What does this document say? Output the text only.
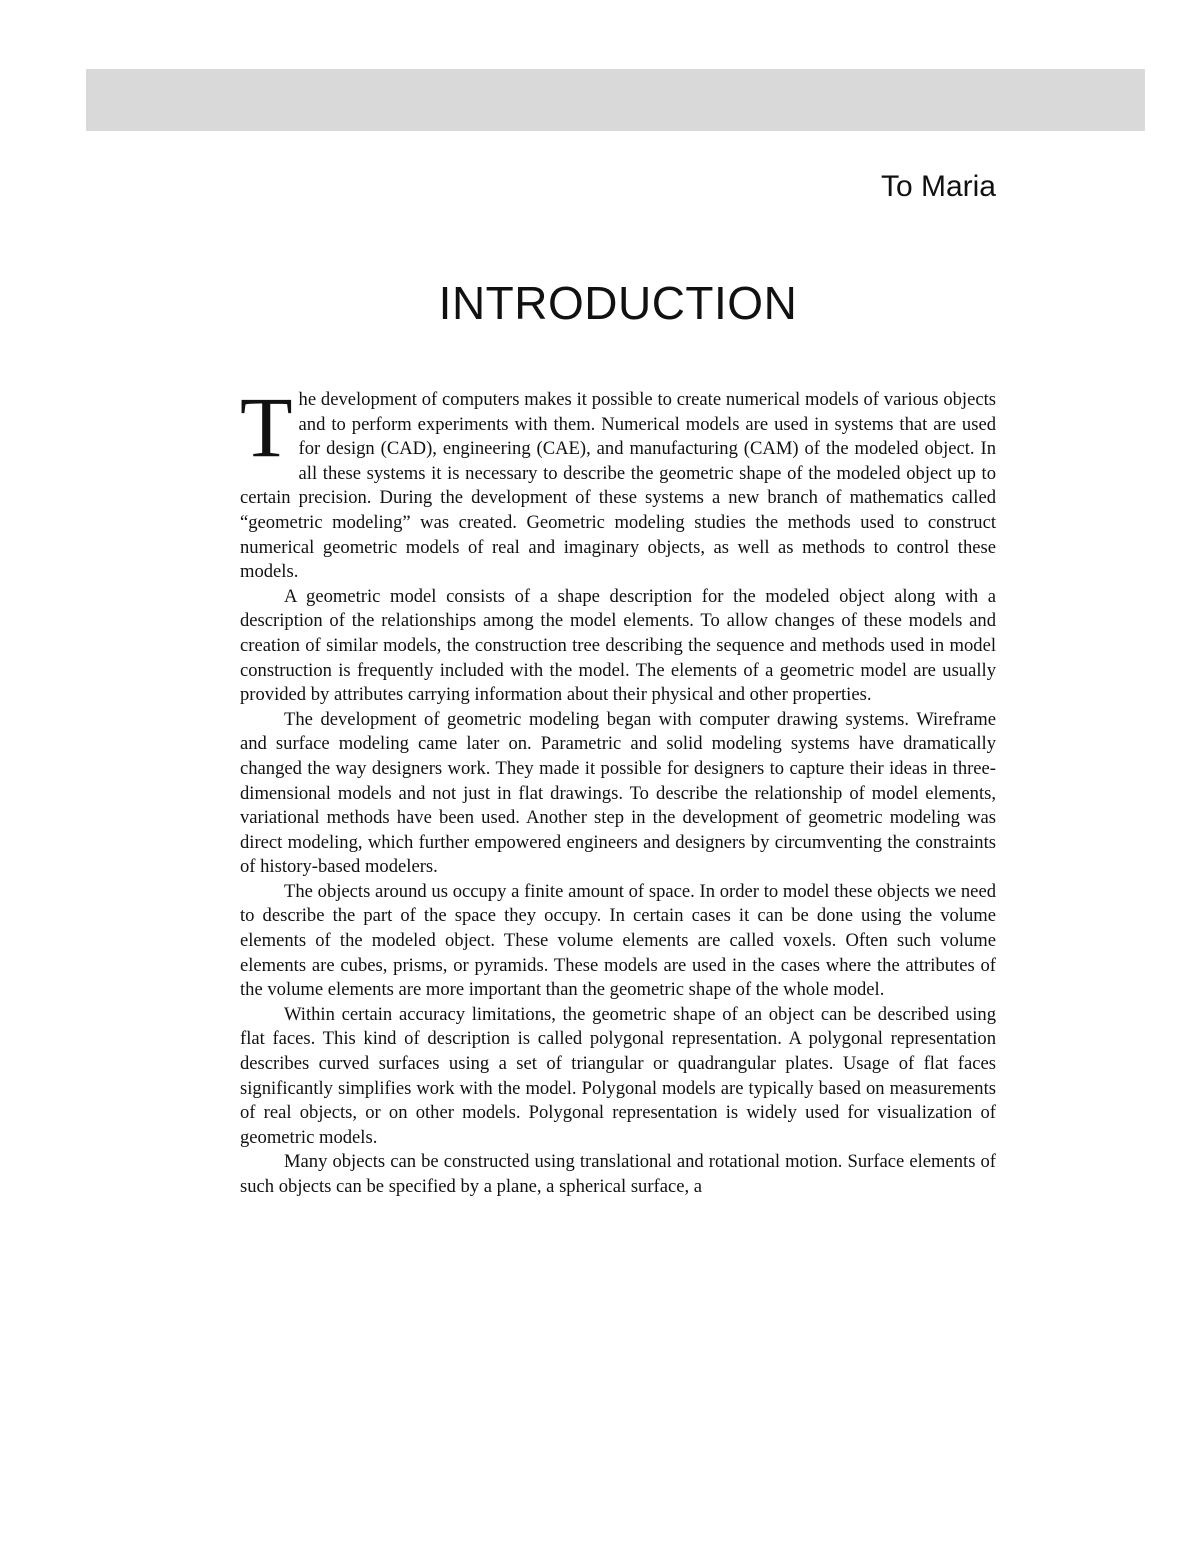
To Maria
INTRODUCTION

The development of computers makes it possible to create numerical models of various objects and to perform experiments with them. Numerical models are used in systems that are used for design (CAD), engineering (CAE), and manufacturing (CAM) of the modeled object. In all these systems it is necessary to describe the geometric shape of the modeled object up to certain precision. During the development of these systems a new branch of mathematics called “geometric modeling” was created. Geometric modeling studies the methods used to construct numerical geometric models of real and imaginary objects, as well as methods to control these models.

A geometric model consists of a shape description for the modeled object along with a description of the relationships among the model elements. To allow changes of these models and creation of similar models, the construction tree describing the sequence and methods used in model construction is frequently included with the model. The elements of a geometric model are usually provided by attributes carrying information about their physical and other properties.

The development of geometric modeling began with computer drawing systems. Wireframe and surface modeling came later on. Parametric and solid modeling systems have dramatically changed the way designers work. They made it possible for designers to capture their ideas in three-dimensional models and not just in flat drawings. To describe the relationship of model elements, variational methods have been used. Another step in the development of geometric modeling was direct modeling, which further empowered engineers and designers by circumventing the constraints of history-based modelers.

The objects around us occupy a finite amount of space. In order to model these objects we need to describe the part of the space they occupy. In certain cases it can be done using the volume elements of the modeled object. These volume elements are called voxels. Often such volume elements are cubes, prisms, or pyramids. These models are used in the cases where the attributes of the volume elements are more important than the geometric shape of the whole model.

Within certain accuracy limitations, the geometric shape of an object can be described using flat faces. This kind of description is called polygonal representation. A polygonal representation describes curved surfaces using a set of triangular or quadrangular plates. Usage of flat faces significantly simplifies work with the model. Polygonal models are typically based on measurements of real objects, or on other models. Polygonal representation is widely used for visualization of geometric models.

Many objects can be constructed using translational and rotational motion. Surface elements of such objects can be specified by a plane, a spherical surface, a
